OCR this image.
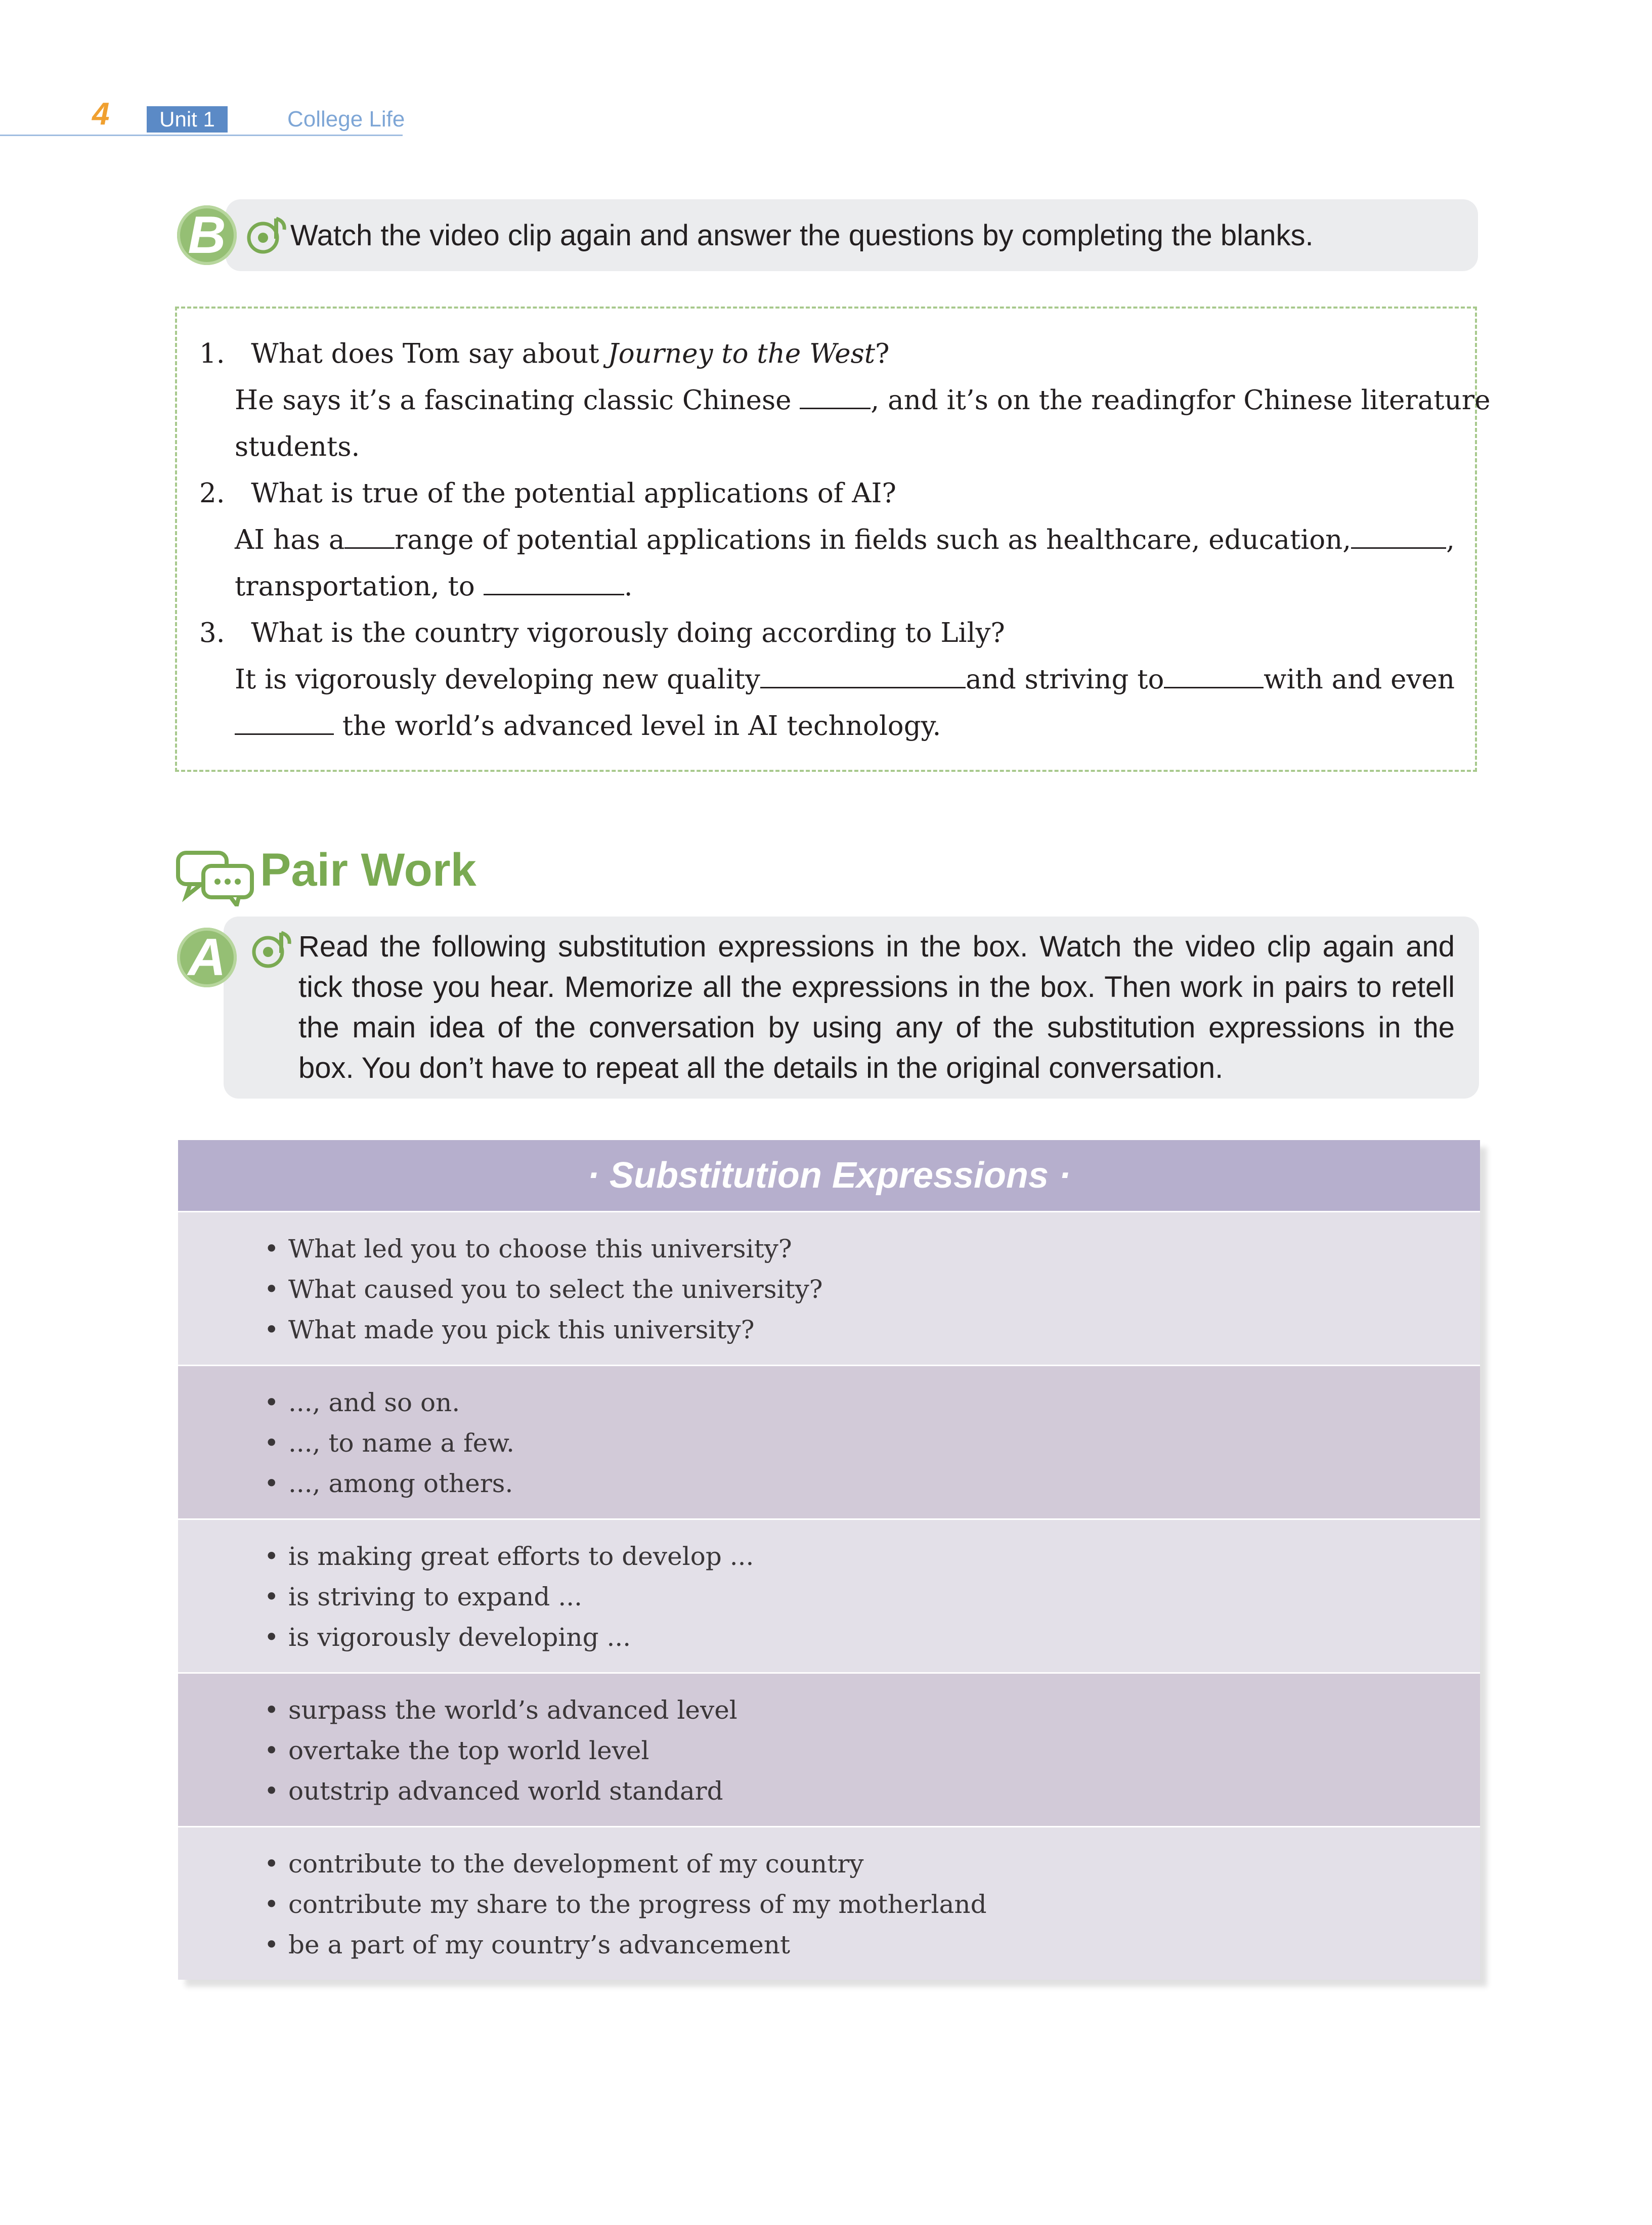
4	Unit 1	College Life
B	Watch the video clip again and answer the questions by completing the blanks.
1. What does Tom say about Journey to the West?
He says it’s a fascinating classic Chinese	, and it’s on the reading for Chinese literature
students.
2. What is true of the potential applications of AI?
AI has a range of potential applications in fields such as healthcare, education,	,
transportation, to	.
3. What is the country vigorously doing according to Lily?
It is vigorously developing new quality	and striving to	with and even
the world’s advanced level in AI technology.
Pair Work
A	Read the following substitution expressions in the box. Watch the video clip again and
tick those you hear. Memorize all the expressions in the box. Then work in pairs to retell
the main idea of the conversation by using any of the substitution expressions in the
box. You don’t have to repeat all the details in the original conversation.
· Substitution Expressions ·
• What led you to choose this university?
• What caused you to select the university?
• What made you pick this university?
• ..., and so on.
• ..., to name a few.
• ..., among others.
• is making great efforts to develop ...
• is striving to expand ...
• is vigorously developing ...
• surpass the world’s advanced level
• overtake the top world level
• outstrip advanced world standard
• contribute to the development of my country
• contribute my share to the progress of my motherland
• be a part of my country’s advancement
